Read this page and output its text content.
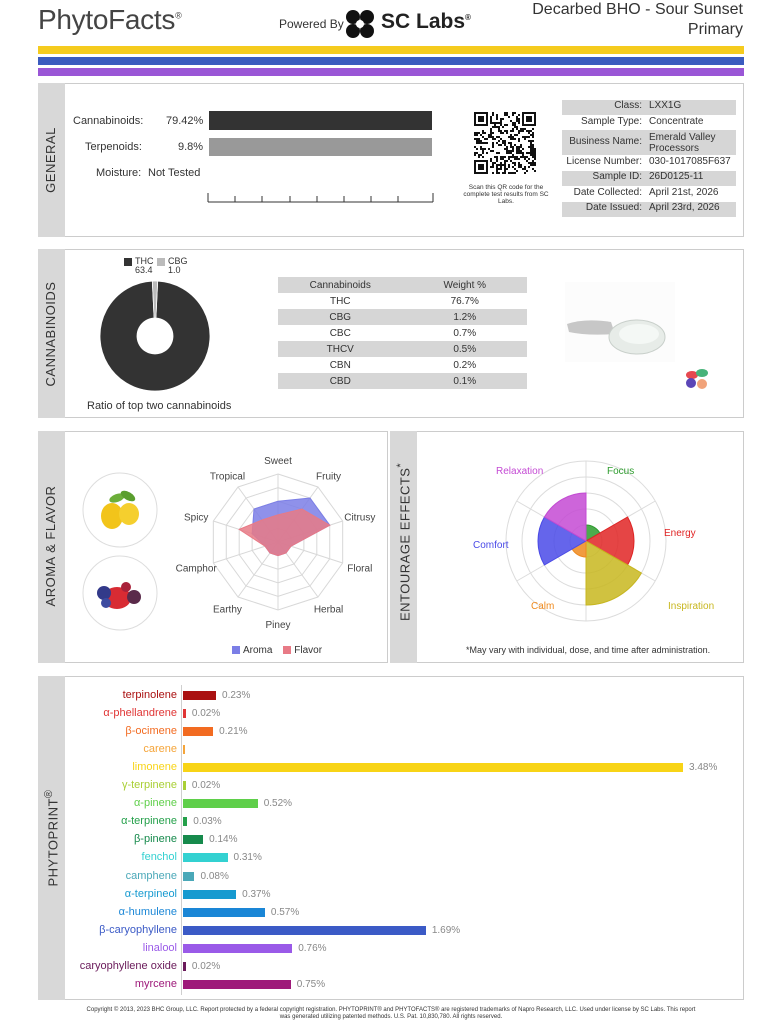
PhytoFacts®
Powered By SC Labs®	Decarbed BHO - Sour Sunset
Primary
GENERAL
Cannabinoids: 79.42%
Terpenoids:	9.8%
Moisture: Not Tested
Scan this QR code for the complete test results from SC Labs.
Class: LXX1G
Sample Type: Concentrate
Business Name: Emerald Valley Processors
License Number: 030-1017085F637
Sample ID: 26D0125-11
Date Collected: April 21st, 2026
Date Issued: April 23rd, 2026
CANNABINOIDS
THC
63.4
CBG
1.0
Ratio of top two cannabinoids
Cannabinoids	Weight %
THC	76.7%
CBG	1.2%
CBC	0.7%
THCV	0.5%
CBN	0.2%
CBD	0.1%
AROMA & FLAVOR
Sweet
Fruity
Citrusy
Floral
Herbal
Piney
Earthy
Camphor
Spicy
Tropical
Aroma Flavor
ENTOURAGE EFFECTS*
Focus
Energy
Inspiration
Calm
Comfort
Relaxation
*May vary with individual, dose, and time after administration.
PHYTOPRINT®
terpinolene	0.23%
α-phellandrene 0.02%
β-ocimene	0.21%
carene
limonene	3.48%
γ-terpinene 0.02%
α-pinene	0.52%
α-terpinene 0.03%
β-pinene	0.14%
fenchol	0.31%
camphene 0.08%
α-terpineol	0.37%
α-humulene	0.57%
β-caryophyllene	1.69%
linalool	0.76%
caryophyllene oxide 0.02%
myrcene	0.75%
Copyright © 2013, 2023 BHC Group, LLC. Report protected by a federal copyright registration. PHYTOPRINT® and PHYTOFACTS® are registered trademarks of Napro Research, LLC. Used under license by SC Labs. This report
was generated utilizing patented methods. U.S. Pat. 10,830,780. All rights reserved.
